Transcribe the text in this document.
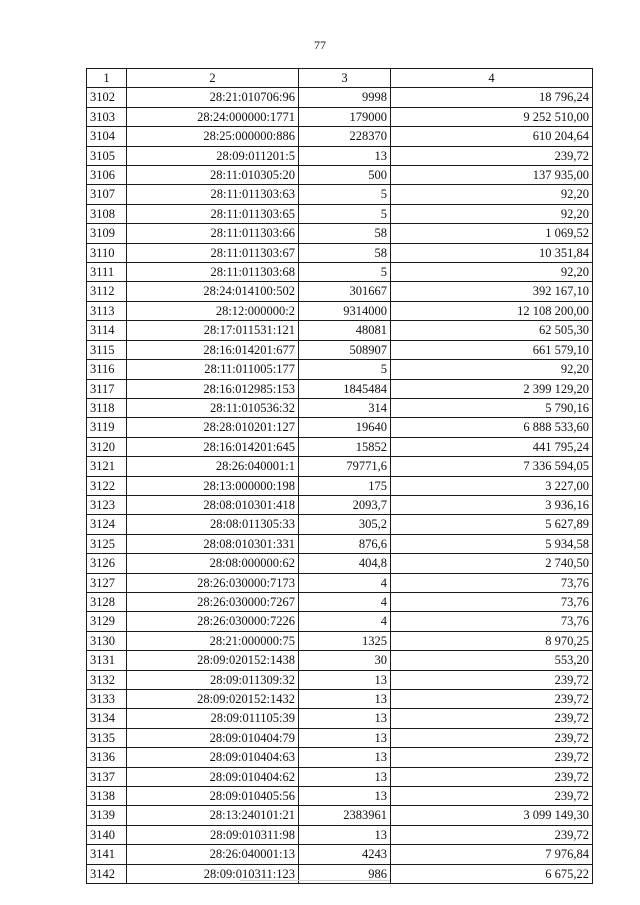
77
1	2	3	4
3102	28:21:010706:96	9998	18 796,24
3103	28:24:000000:1771	179000	9 252 510,00
3104	28:25:000000:886	228370	610 204,64
3105	28:09:011201:5	13	239,72
3106	28:11:010305:20	500	137 935,00
3107	28:11:011303:63	5	92,20
3108	28:11:011303:65	5	92,20
3109	28:11:011303:66	58	1 069,52
3110	28:11:011303:67	58	10 351,84
3111	28:11:011303:68	5	92,20
3112	28:24:014100:502	301667	392 167,10
3113	28:12:000000:2	9314000	12 108 200,00
3114	28:17:011531:121	48081	62 505,30
3115	28:16:014201:677	508907	661 579,10
3116	28:11:011005:177	5	92,20
3117	28:16:012985:153	1845484	2 399 129,20
3118	28:11:010536:32	314	5 790,16
3119	28:28:010201:127	19640	6 888 533,60
3120	28:16:014201:645	15852	441 795,24
3121	28:26:040001:1	79771,6	7 336 594,05
3122	28:13:000000:198	175	3 227,00
3123	28:08:010301:418	2093,7	3 936,16
3124	28:08:011305:33	305,2	5 627,89
3125	28:08:010301:331	876,6	5 934,58
3126	28:08:000000:62	404,8	2 740,50
3127	28:26:030000:7173	4	73,76
3128	28:26:030000:7267	4	73,76
3129	28:26:030000:7226	4	73,76
3130	28:21:000000:75	1325	8 970,25
3131	28:09:020152:1438	30	553,20
3132	28:09:011309:32	13	239,72
3133	28:09:020152:1432	13	239,72
3134	28:09:011105:39	13	239,72
3135	28:09:010404:79	13	239,72
3136	28:09:010404:63	13	239,72
3137	28:09:010404:62	13	239,72
3138	28:09:010405:56	13	239,72
3139	28:13:240101:21	2383961	3 099 149,30
3140	28:09:010311:98	13	239,72
3141	28:26:040001:13	4243	7 976,84
3142	28:09:010311:123	986	6 675,22
